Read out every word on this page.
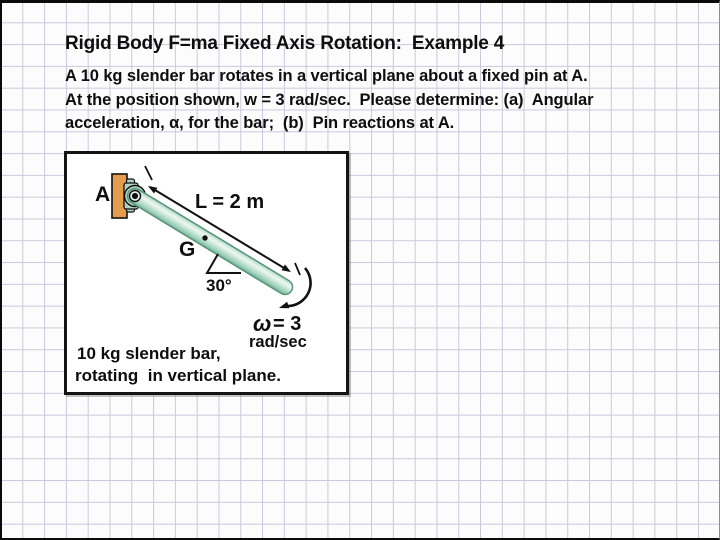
Rigid Body F=ma Fixed Axis Rotation:  Example 4
A 10 kg slender bar rotates in a vertical plane about a fixed pin at A.
At the position shown, w = 3 rad/sec.  Please determine: (a)  Angular
acceleration, α, for the bar;  (b)  Pin reactions at A.
A	L = 2 m
G
30°
ω = 3
rad/sec
10 kg slender bar,
rotating  in vertical plane.
